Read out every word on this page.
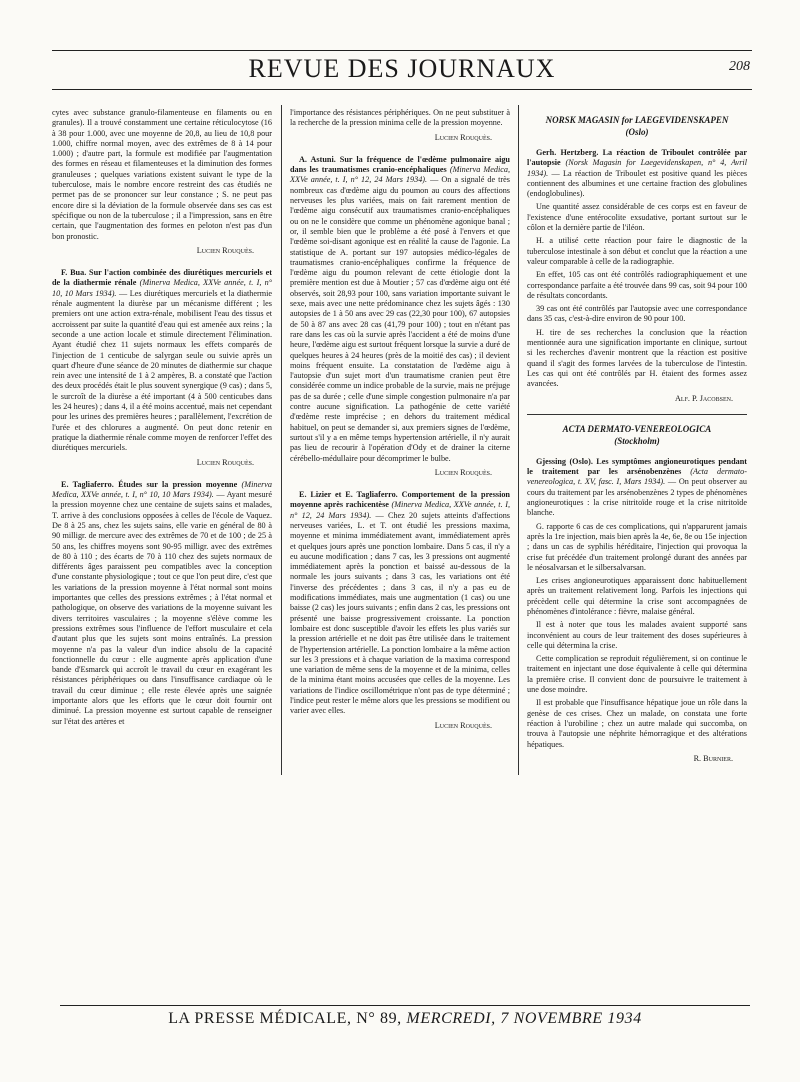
REVUE DES JOURNAUX	208

cytes avec substance granulo-filamenteuse en filaments ou en granules). Il a trouvé constamment une certaine réticulocytose (16 à 38 pour 1.000, avec une moyenne de 20,8, au lieu de 10,8 pour 1.000, chiffre normal moyen, avec des extrêmes de 8 à 14 pour 1.000) ; d'autre part, la formule est modifiée par l'augmentation des formes en réseau et filamenteuses et la diminution des formes granuleuses ; quelques variations existent suivant le type de la tuberculose, mais le nombre encore restreint des cas étudiés ne permet pas de se prononcer sur leur constance ; S. ne peut pas encore dire si la déviation de la formule observée dans ses cas est spécifique ou non de la tuberculose ; il a l'impression, sans en être certain, que l'augmentation des formes en peloton n'est pas d'un bon pronostic.

Lucien Rouquès.

F. Bua. Sur l'action combinée des diurétiques mercuriels et de la diathermie rénale (Minerva Medica, XXVe année, t. I, n° 10, 10 Mars 1934). — Les diurétiques mercuriels et la diathermie rénale augmentent la diurèse par un mécanisme différent ; les premiers ont une action extra-rénale, mobilisent l'eau des tissus et accroissent par suite la quantité d'eau qui est amenée aux reins ; la seconde a une action locale et stimule directement l'élimination. Ayant étudié chez 11 sujets normaux les effets comparés de l'injection de 1 centicube de salyrgan seule ou suivie après un quart d'heure d'une séance de 20 minutes de diathermie sur chaque rein avec une intensité de 1 à 2 ampères, B. a constaté que l'action des deux procédés était le plus souvent synergique (9 cas) ; dans 5, le surcroît de la diurèse a été important (4 à 500 centicubes dans les 24 heures) ; dans 4, il a été moins accentué, mais net cependant pour les urines des premières heures ; parallèlement, l'excrétion de l'urée et des chlorures a augmenté. On peut donc retenir en pratique la diathermie rénale comme moyen de renforcer l'effet des diurétiques mercuriels.

Lucien Rouquès.

E. Tagliaferro. Études sur la pression moyenne (Minerva Medica, XXVe année, t. I, n° 10, 10 Mars 1934). — Ayant mesuré la pression moyenne chez une centaine de sujets sains et malades, T. arrive à des conclusions opposées à celles de l'école de Vaquez. De 8 à 25 ans, chez les sujets sains, elle varie en général de 80 à 90 milligr. de mercure avec des extrêmes de 70 et de 100 ; de 25 à 50 ans, les chiffres moyens sont 90-95 milligr. avec des extrêmes de 80 à 110 ; des écarts de 70 à 110 chez des sujets normaux de différents âges paraissent peu compatibles avec la conception d'une constante physiologique ; tout ce que l'on peut dire, c'est que les variations de la pression moyenne à l'état normal sont moins importantes que celles des pressions extrêmes ; à l'état normal et pathologique, on observe des variations de la moyenne suivant les divers territoires vasculaires ; la moyenne s'élève comme les pressions extrêmes sous l'influence de l'effort musculaire et cela d'autant plus que les sujets sont moins entraînés. La pression moyenne n'a pas la valeur d'un indice absolu de la capacité fonctionnelle du cœur : elle augmente après application d'une bande d'Esmarck qui accroît le travail du cœur en exagérant les résistances périphériques ou dans l'insuffisance cardiaque où le travail du cœur diminue ; elle reste élevée après une saignée importante alors que les efforts que le cœur doit fournir ont diminué. La pression moyenne est surtout capable de renseigner sur l'état des artères et

l'importance des résistances périphériques. On ne peut substituer à la recherche de la pression minima celle de la pression moyenne.

Lucien Rouquès.

A. Astuni. Sur la fréquence de l'œdème pulmonaire aigu dans les traumatismes cranio-encéphaliques (Minerva Medica, XXVe année, t. I, n° 12, 24 Mars 1934). — On a signalé de très nombreux cas d'œdème aigu du poumon au cours des affections nerveuses les plus variées, mais on fait rarement mention de l'œdème aigu consécutif aux traumatismes cranio-encéphaliques ou on ne le considère que comme un phénomène agonique banal ; or, il semble bien que le problème a été posé à l'envers et que l'œdème soi-disant agonique est en réalité la cause de l'agonie. La statistique de A. portant sur 197 autopsies médico-légales de traumatismes cranio-encéphaliques confirme la fréquence de l'œdème aigu du poumon relevant de cette étiologie dont la première mention est due à Moutier ; 57 cas d'œdème aigu ont été observés, soit 28,93 pour 100, sans variation importante suivant le sexe, mais avec une nette prédominance chez les sujets âgés : 130 autopsies de 1 à 50 ans avec 29 cas (22,30 pour 100), 67 autopsies de 50 à 87 ans avec 28 cas (41,79 pour 100) ; tout en n'étant pas rare dans les cas où la survie après l'accident a été de moins d'une heure, l'œdème aigu est surtout fréquent lorsque la survie a duré de quelques heures à 24 heures (près de la moitié des cas) ; il devient moins fréquent ensuite. La constatation de l'œdème aigu à l'autopsie d'un sujet mort d'un traumatisme cranien peut être considérée comme un indice probable de la survie, mais ne préjuge pas de sa durée ; celle d'une simple congestion pulmonaire n'a par contre aucune signification. La pathogénie de cette variété d'œdème reste imprécise ; en dehors du traitement médical habituel, on peut se demander si, aux premiers signes de l'œdème, surtout s'il y a en même temps hypertension artérielle, il n'y aurait pas lieu de recourir à l'opération d'Ody et de drainer la citerne cérébello-médullaire pour décomprimer le bulbe.

Lucien Rouquès.

E. Lizier et E. Tagliaferro. Comportement de la pression moyenne après rachicentèse (Minerva Medica, XXVe année, t. I, n° 12, 24 Mars 1934). — Chez 20 sujets atteints d'affections nerveuses variées, L. et T. ont étudié les pressions maxima, moyenne et minima immédiatement avant, immédiatement après et quelques jours après une ponction lombaire. Dans 5 cas, il n'y a eu aucune modification ; dans 7 cas, les 3 pressions ont augmenté immédiatement après la ponction et baissé au-dessous de la normale les jours suivants ; dans 3 cas, les variations ont été l'inverse des précédentes ; dans 3 cas, il n'y a pas eu de modifications immédiates, mais une augmentation (1 cas) ou une baisse (2 cas) les jours suivants ; enfin dans 2 cas, les pressions ont présenté une baisse progressivement croissante. La ponction lombaire est donc susceptible d'avoir les effets les plus variés sur la pression artérielle et ne doit pas être utilisée dans le traitement de l'hypertension artérielle. La ponction lombaire a la même action sur les 3 pressions et à chaque variation de la maxima correspond une variation de même sens de la moyenne et de la minima, celles de la minima étant moins accusées que celles de la moyenne. Les variations de l'indice oscillométrique n'ont pas de type déterminé ; l'indice peut rester le même alors que les pressions se modifient ou varier avec elles.

Lucien Rouquès.
NORSK MAGASIN for LAEGEVIDENSKAPEN
(Oslo)

Gerh. Hertzberg. La réaction de Triboulet contrôlée par l'autopsie (Norsk Magasin for Laegevidenskapen, n° 4, Avril 1934). — La réaction de Triboulet est positive quand les pièces contiennent des albumines et une certaine fraction des globulines (endoglobulines).

Une quantité assez considérable de ces corps est en faveur de l'existence d'une entérocolite exsudative, portant surtout sur le côlon et la dernière partie de l'iléon.

H. a utilisé cette réaction pour faire le diagnostic de la tuberculose intestinale à son début et conclut que la réaction a une valeur comparable à celle de la radiographie.

En effet, 105 cas ont été contrôlés radiographiquement et une correspondance parfaite a été trouvée dans 99 cas, soit 94 pour 100 de résultats concordants.

39 cas ont été contrôlés par l'autopsie avec une correspondance dans 35 cas, c'est-à-dire environ de 90 pour 100.

H. tire de ses recherches la conclusion que la réaction mentionnée aura une signification importante en clinique, surtout si les recherches d'avenir montrent que la réaction est positive quand il s'agit des formes larvées de la tuberculose de l'intestin. Les cas qui ont été contrôlés par H. étaient des formes assez avancées.

Alf. P. Jacobsen.
ACTA DERMATO-VENEREOLOGICA
(Stockholm)

Gjessing (Oslo). Les symptômes angioneurotiques pendant le traitement par les arsénobenzènes (Acta dermato-venereologica, t. XV, fasc. I, Mars 1934). — On peut observer au cours du traitement par les arsénobenzènes 2 types de phénomènes angioneurotiques : la crise nitritoïde rouge et la crise nitritoïde blanche.

G. rapporte 6 cas de ces complications, qui n'apparurent jamais après la 1re injection, mais bien après la 4e, 6e, 8e ou 15e injection ; dans un cas de syphilis héréditaire, l'injection qui provoqua la crise fut précédée d'un traitement prolongé durant des années par le néosalvarsan et le silbersalvarsan.

Les crises angioneurotiques apparaissent donc habituellement après un traitement relativement long. Parfois les injections qui précèdent celle qui détermine la crise sont accompagnées de phénomènes d'intolérance : fièvre, malaise général.

Il est à noter que tous les malades avaient supporté sans inconvénient au cours de leur traitement des doses supérieures à celle qui détermina la crise.

Cette complication se reproduit régulièrement, si on continue le traitement en injectant une dose équivalente à celle qui détermina la première crise. Il convient donc de poursuivre le traitement à une dose moindre.

Il est probable que l'insuffisance hépatique joue un rôle dans la genèse de ces crises. Chez un malade, on constata une forte réaction à l'urobiline ; chez un autre malade qui succomba, on trouva à l'autopsie une néphrite hémorragique et des altérations hépatiques.

R. Burnier.
LA PRESSE MÉDICALE, N° 89, MERCREDI, 7 NOVEMBRE 1934
